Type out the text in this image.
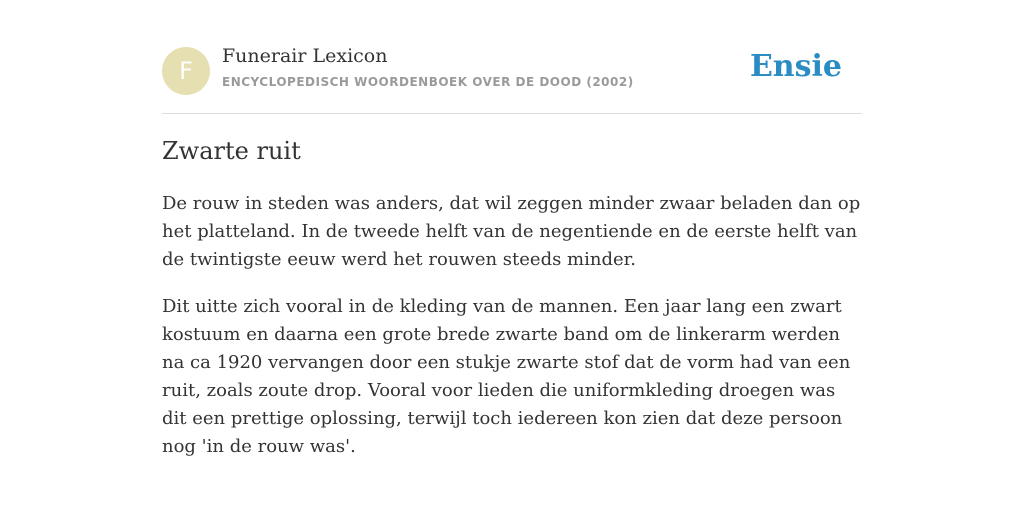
F
Funerair Lexicon
ENCYCLOPEDISCH WOORDENBOEK OVER DE DOOD (2002)	Ensie
Zwarte ruit

De rouw in steden was anders, dat wil zeggen minder zwaar beladen dan op het platteland. In de tweede helft van de negentiende en de eerste helft van de twintigste eeuw werd het rouwen steeds minder.

Dit uitte zich vooral in de kleding van de mannen. Een jaar lang een zwart kostuum en daarna een grote brede zwarte band om de linkerarm werden na ca 1920 vervangen door een stukje zwarte stof dat de vorm had van een ruit, zoals zoute drop. Vooral voor lieden die uniformkleding droegen was dit een prettige oplossing, terwijl toch iedereen kon zien dat deze persoon nog 'in de rouw was'.
